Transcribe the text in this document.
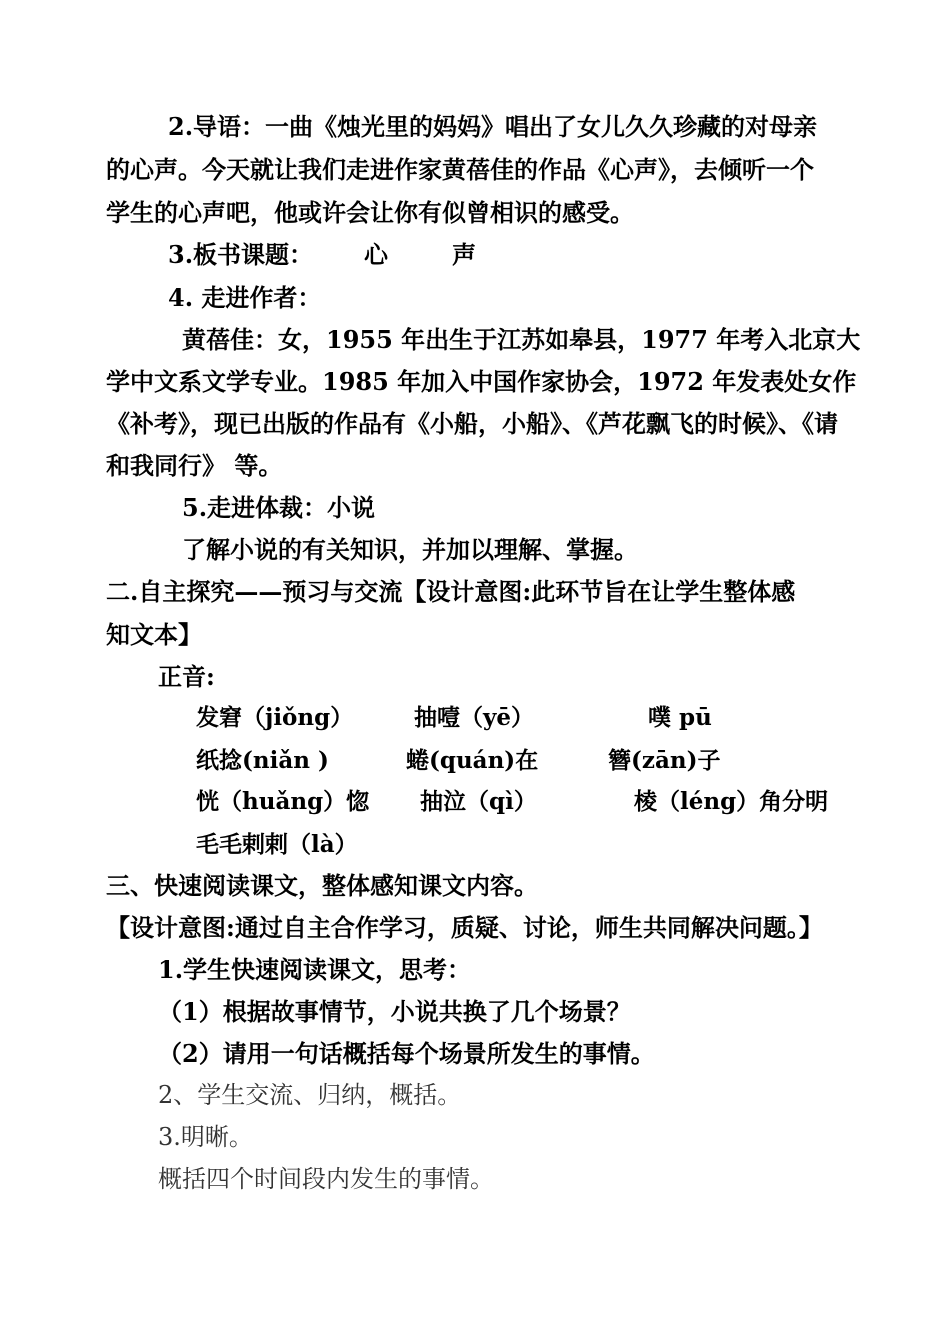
2.导语：一曲《烛光里的妈妈》唱出了女儿久久珍藏的对母亲
的心声。今天就让我们走进作家黄蓓佳的作品《心声》，去倾听一个
学生的心声吧，他或许会让你有似曾相识的感受。
3.板书课题： 心	声
4. 走进作者：
黄蓓佳：女，1955 年出生于江苏如皋县，1977 年考入北京大
学中文系文学专业。1985 年加入中国作家协会，1972 年发表处女作
《补考》，现已出版的作品有《小船，小船》、《芦花飘飞的时候》、《请
和我同行》 等。
5.走进体裁：小说
了解小说的有关知识，并加以理解、掌握。
二.自主探究——预习与交流【设计意图:此环节旨在让学生整体感
知文本】
正音:
发窘（jiǒng）	抽噎（yē）	噗 pū
纸捻(niǎn )	蜷(quán)在	簪(zān)子
恍（huǎng）惚 抽泣（qì）	棱（léng）角分明
毛毛剌剌（là）
三、快速阅读课文，整体感知课文内容。
【设计意图:通过自主合作学习，质疑、讨论，师生共同解决问题。】
1.学生快速阅读课文，思考：
（1）根据故事情节，小说共换了几个场景？
（2）请用一句话概括每个场景所发生的事情。
2、学生交流、归纳，概括。
3.明晰。
概括四个时间段内发生的事情。
